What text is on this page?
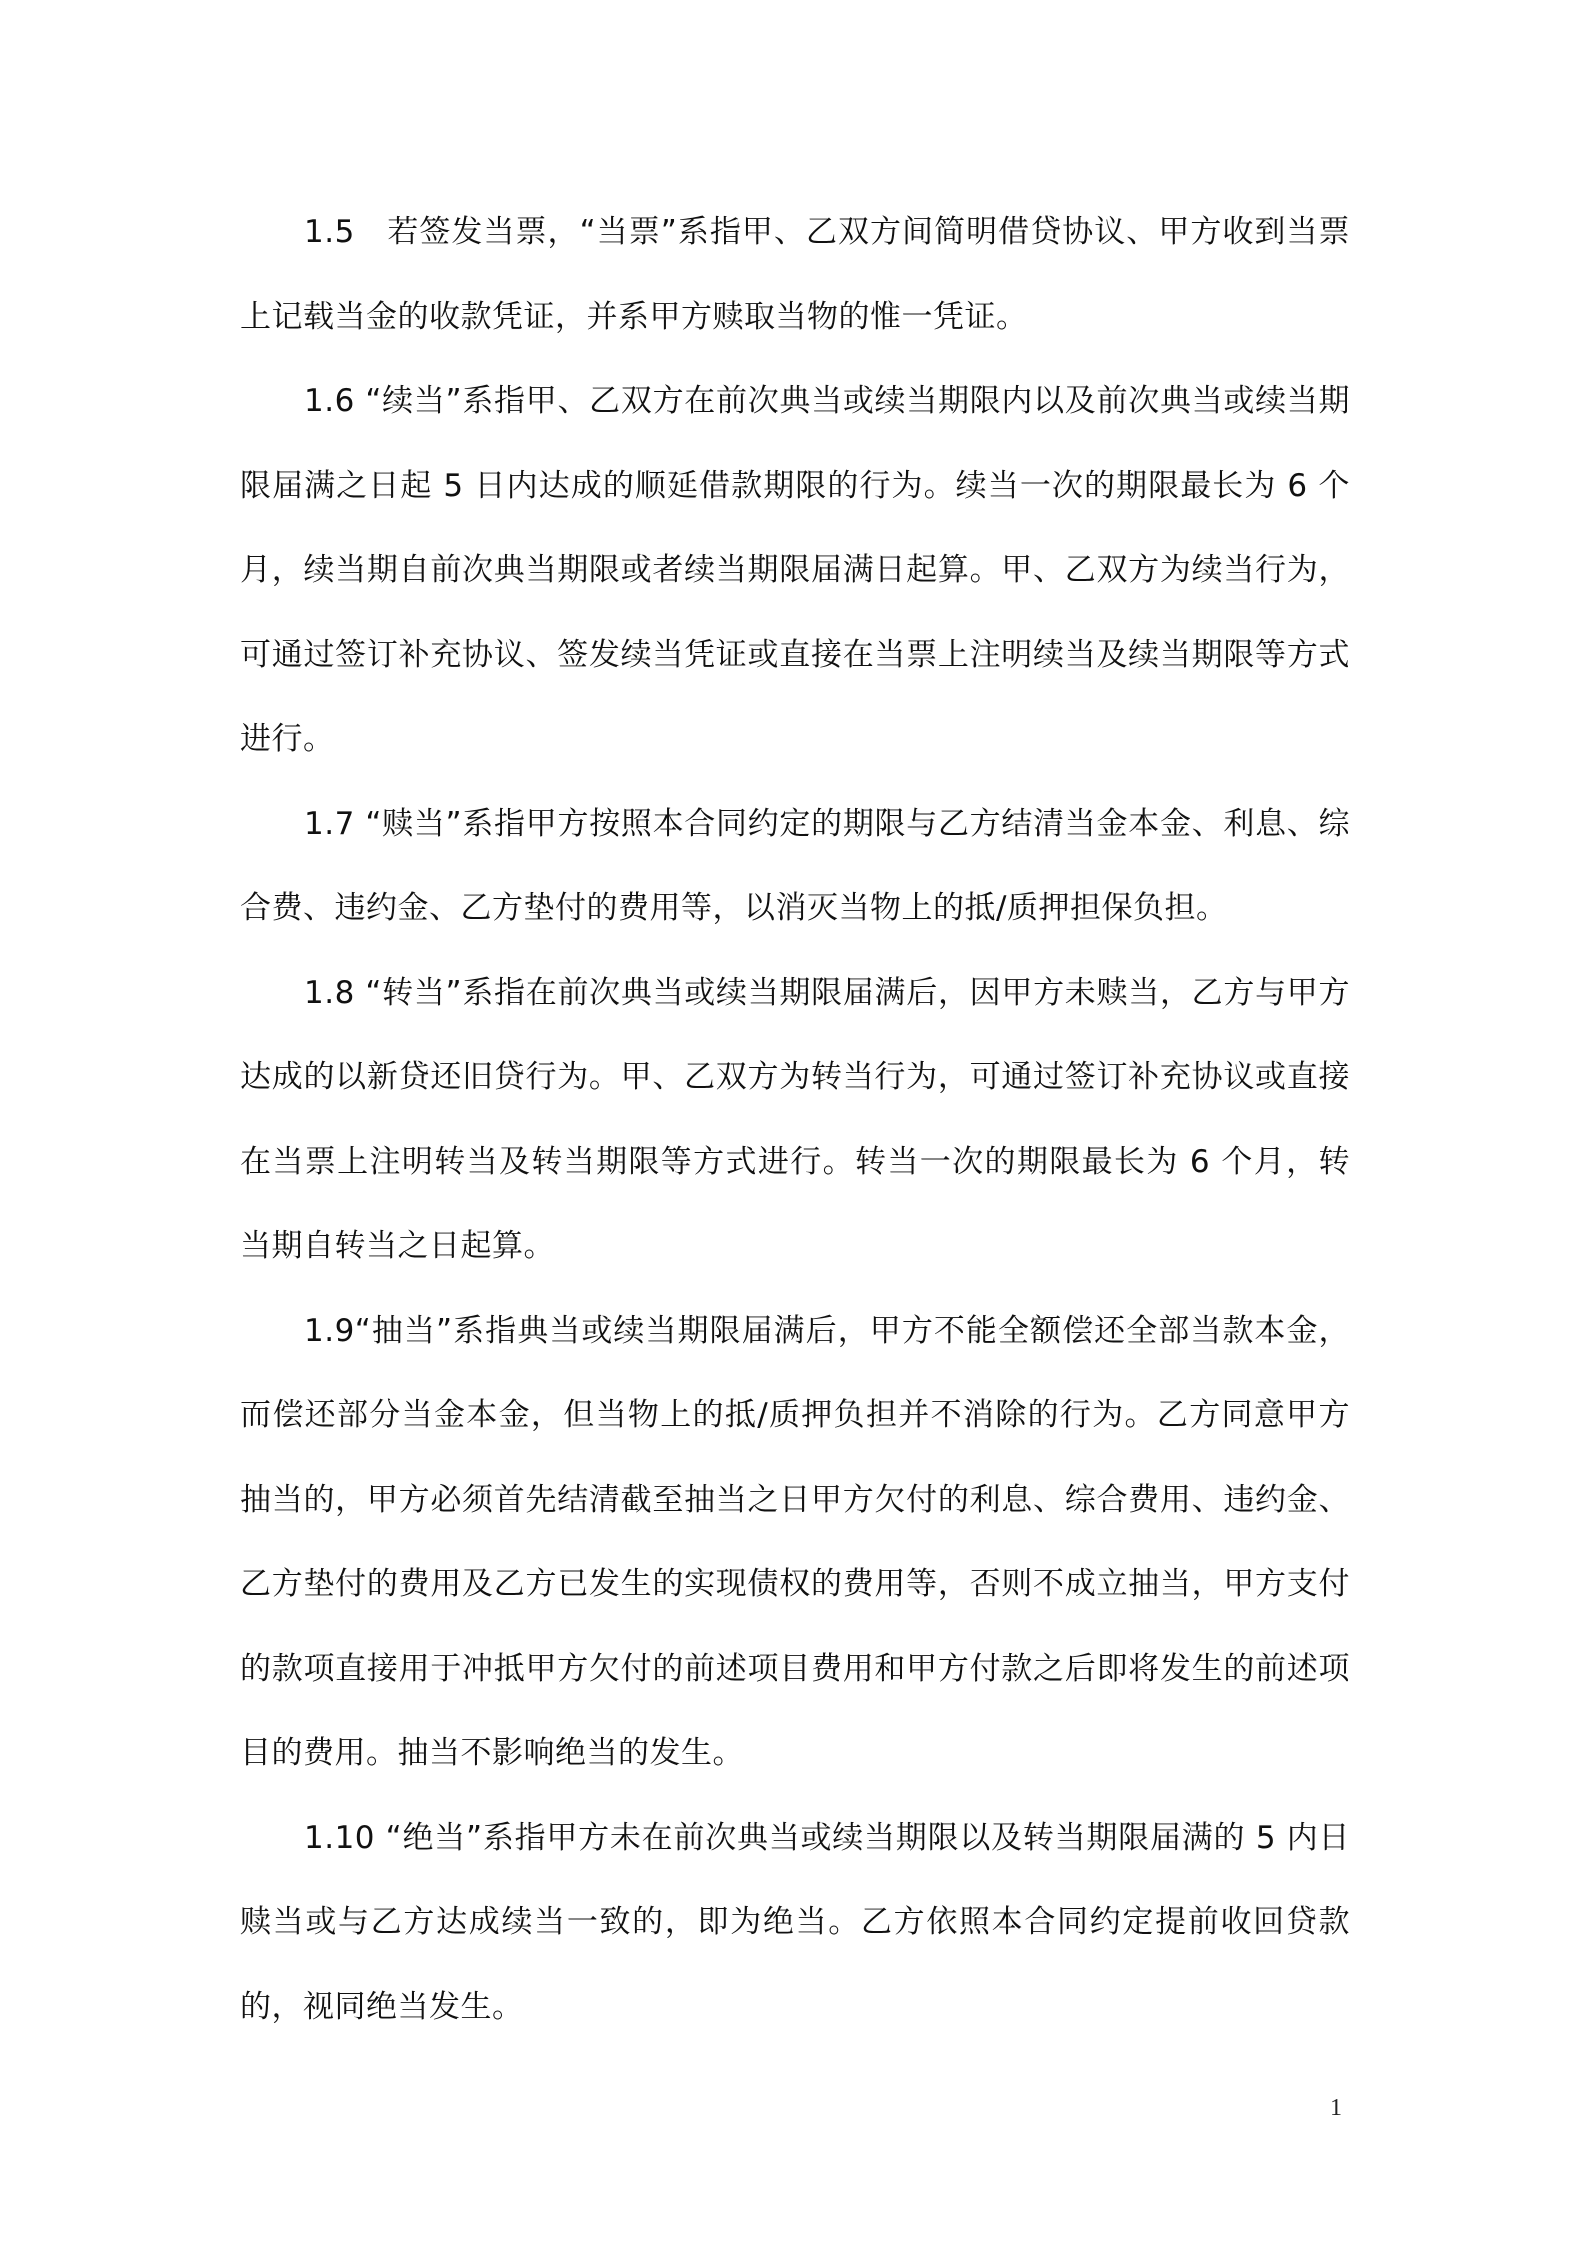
1.5　若签发当票，“当票”系指甲、乙双方间简明借贷协议、甲方收到当票上记载当金的收款凭证，并系甲方赎取当物的惟一凭证。

1.6 “续当”系指甲、乙双方在前次典当或续当期限内以及前次典当或续当期限届满之日起 5 日内达成的顺延借款期限的行为。续当一次的期限最长为 6 个月，续当期自前次典当期限或者续当期限届满日起算。甲、乙双方为续当行为，可通过签订补充协议、签发续当凭证或直接在当票上注明续当及续当期限等方式进行。

1.7 “赎当”系指甲方按照本合同约定的期限与乙方结清当金本金、利息、综合费、违约金、乙方垫付的费用等，以消灭当物上的抵/质押担保负担。

1.8 “转当”系指在前次典当或续当期限届满后，因甲方未赎当，乙方与甲方达成的以新贷还旧贷行为。甲、乙双方为转当行为，可通过签订补充协议或直接在当票上注明转当及转当期限等方式进行。转当一次的期限最长为 6 个月，转当期自转当之日起算。

1.9“抽当”系指典当或续当期限届满后，甲方不能全额偿还全部当款本金，而偿还部分当金本金，但当物上的抵/质押负担并不消除的行为。乙方同意甲方抽当的，甲方必须首先结清截至抽当之日甲方欠付的利息、综合费用、违约金、乙方垫付的费用及乙方已发生的实现债权的费用等，否则不成立抽当，甲方支付的款项直接用于冲抵甲方欠付的前述项目费用和甲方付款之后即将发生的前述项目的费用。抽当不影响绝当的发生。

1.10 “绝当”系指甲方未在前次典当或续当期限以及转当期限届满的 5 内日赎当或与乙方达成续当一致的，即为绝当。乙方依照本合同约定提前收回贷款的，视同绝当发生。

1
